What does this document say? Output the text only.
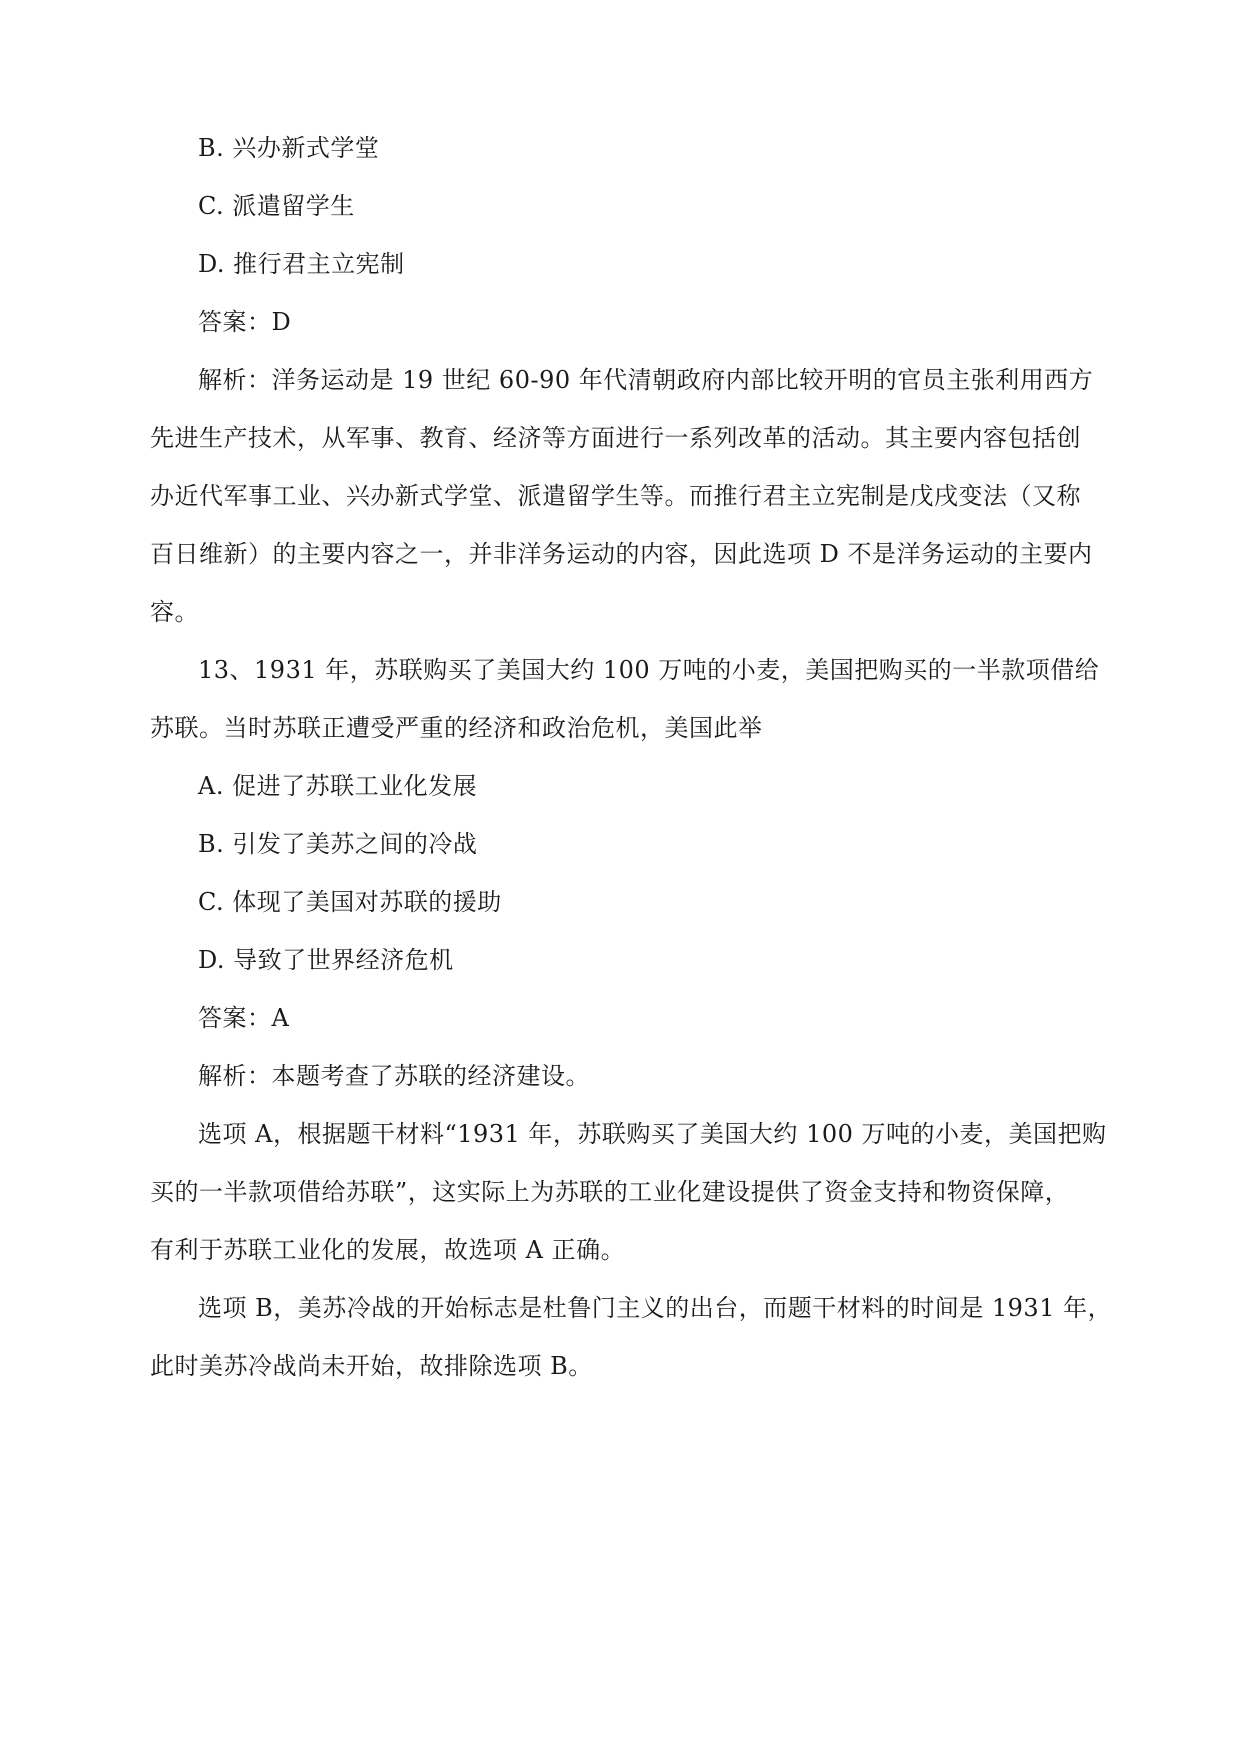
B. 兴办新式学堂
C. 派遣留学生
D. 推行君主立宪制
答案：D
解析：洋务运动是 19 世纪 60-90 年代清朝政府内部比较开明的官员主张利用西方
先进生产技术，从军事、教育、经济等方面进行一系列改革的活动。其主要内容包括创
办近代军事工业、兴办新式学堂、派遣留学生等。而推行君主立宪制是戊戌变法（又称
百日维新）的主要内容之一，并非洋务运动的内容，因此选项 D 不是洋务运动的主要内
容。
13、1931 年，苏联购买了美国大约 100 万吨的小麦，美国把购买的一半款项借给
苏联。当时苏联正遭受严重的经济和政治危机，美国此举
A. 促进了苏联工业化发展
B. 引发了美苏之间的冷战
C. 体现了美国对苏联的援助
D. 导致了世界经济危机
答案：A
解析：本题考查了苏联的经济建设。
选项 A，根据题干材料“1931 年，苏联购买了美国大约 100 万吨的小麦，美国把购
买的一半款项借给苏联”，这实际上为苏联的工业化建设提供了资金支持和物资保障，
有利于苏联工业化的发展，故选项 A 正确。
选项 B，美苏冷战的开始标志是杜鲁门主义的出台，而题干材料的时间是 1931 年，
此时美苏冷战尚未开始，故排除选项 B。
